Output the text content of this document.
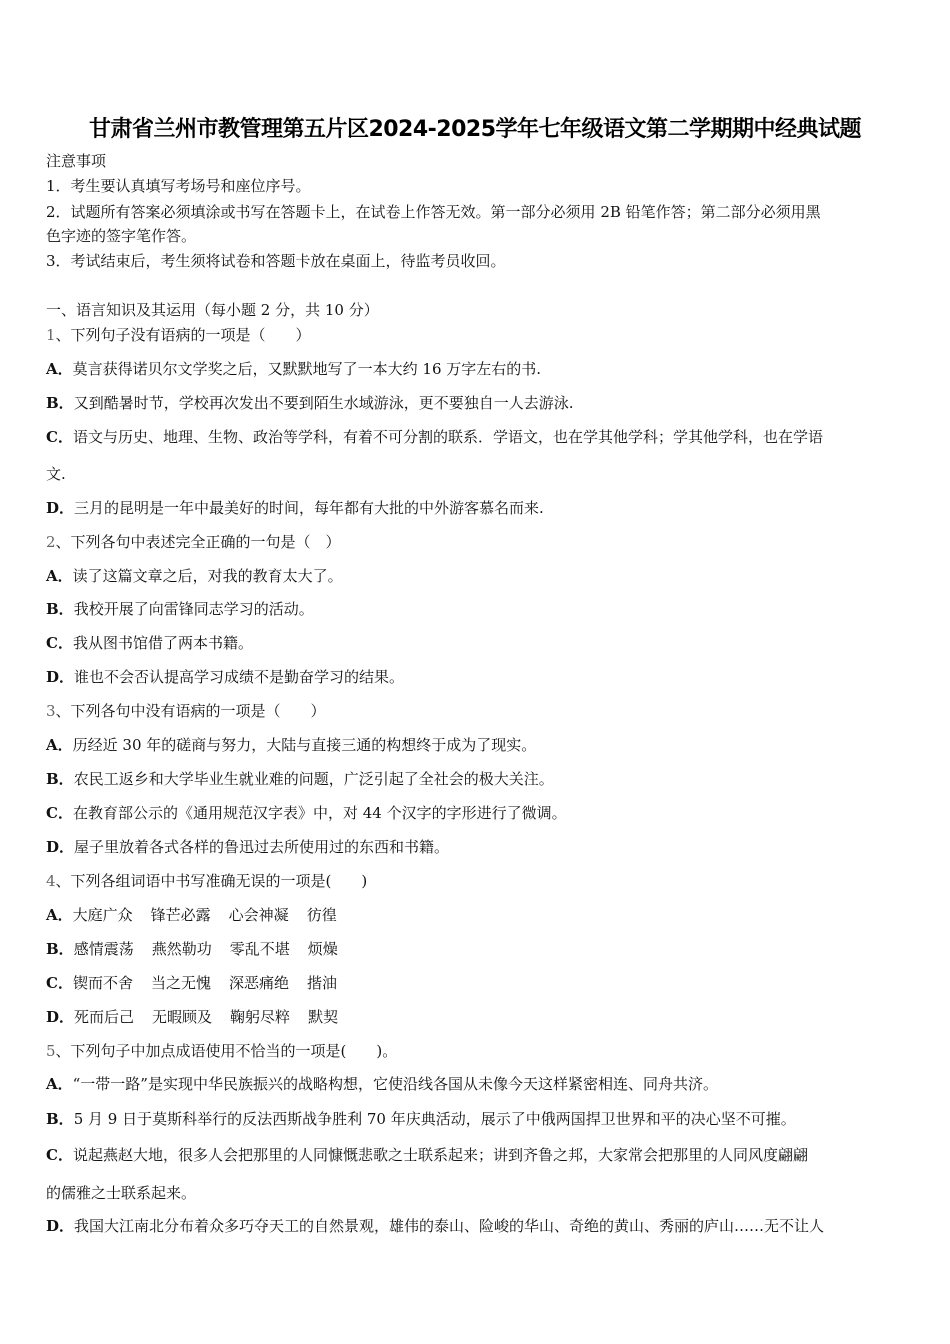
甘肃省兰州市教管理第五片区2024-2025学年七年级语文第二学期期中经典试题
注意事项
1．考生要认真填写考场号和座位序号。
2．试题所有答案必须填涂或书写在答题卡上，在试卷上作答无效。第一部分必须用 2B 铅笔作答；第二部分必须用黑
色字迹的签字笔作答。
3．考试结束后，考生须将试卷和答题卡放在桌面上，待监考员收回。
一、语言知识及其运用（每小题 2 分，共 10 分）
1、下列句子没有语病的一项是（　　）
A．莫言获得诺贝尔文学奖之后，又默默地写了一本大约 16 万字左右的书.
B．又到酷暑时节，学校再次发出不要到陌生水域游泳，更不要独自一人去游泳.
C．语文与历史、地理、生物、政治等学科，有着不可分割的联系．学语文，也在学其他学科；学其他学科，也在学语
文.
D．三月的昆明是一年中最美好的时间，每年都有大批的中外游客慕名而来.
2、下列各句中表述完全正确的一句是（　）
A．读了这篇文章之后，对我的教育太大了。
B．我校开展了向雷锋同志学习的活动。
C．我从图书馆借了两本书籍。
D．谁也不会否认提高学习成绩不是勤奋学习的结果。
3、下列各句中没有语病的一项是（　　）
A．历经近 30 年的磋商与努力，大陆与直接三通的构想终于成为了现实。
B．农民工返乡和大学毕业生就业难的问题，广泛引起了全社会的极大关注。
C．在教育部公示的《通用规范汉字表》中，对 44 个汉字的字形进行了微调。
D．屋子里放着各式各样的鲁迅过去所使用过的东西和书籍。
4、下列各组词语中书写准确无误的一项是(　　)
A．大庭广众 锋芒必露 心会神凝 彷徨
B．感情震荡 燕然勒功 零乱不堪 烦燥
C．锲而不舍 当之无愧 深恶痛绝 揩油
D．死而后己 无暇顾及 鞠躬尽粹 默契
5、下列句子中加点成语使用不恰当的一项是(　　)。
A．“一带一路”是实现中华民族振兴的战略构想，它使沿线各国从未像今天这样紧密相连、同舟共济。
B．5 月 9 日于莫斯科举行的反法西斯战争胜利 70 年庆典活动，展示了中俄两国捍卫世界和平的决心坚不可摧。
C．说起燕赵大地，很多人会把那里的人同慷慨悲歌之士联系起来；讲到齐鲁之邦，大家常会把那里的人同风度翩翩
的儒雅之士联系起来。
D．我国大江南北分布着众多巧夺天工的自然景观，雄伟的泰山、险峻的华山、奇绝的黄山、秀丽的庐山……无不让人
